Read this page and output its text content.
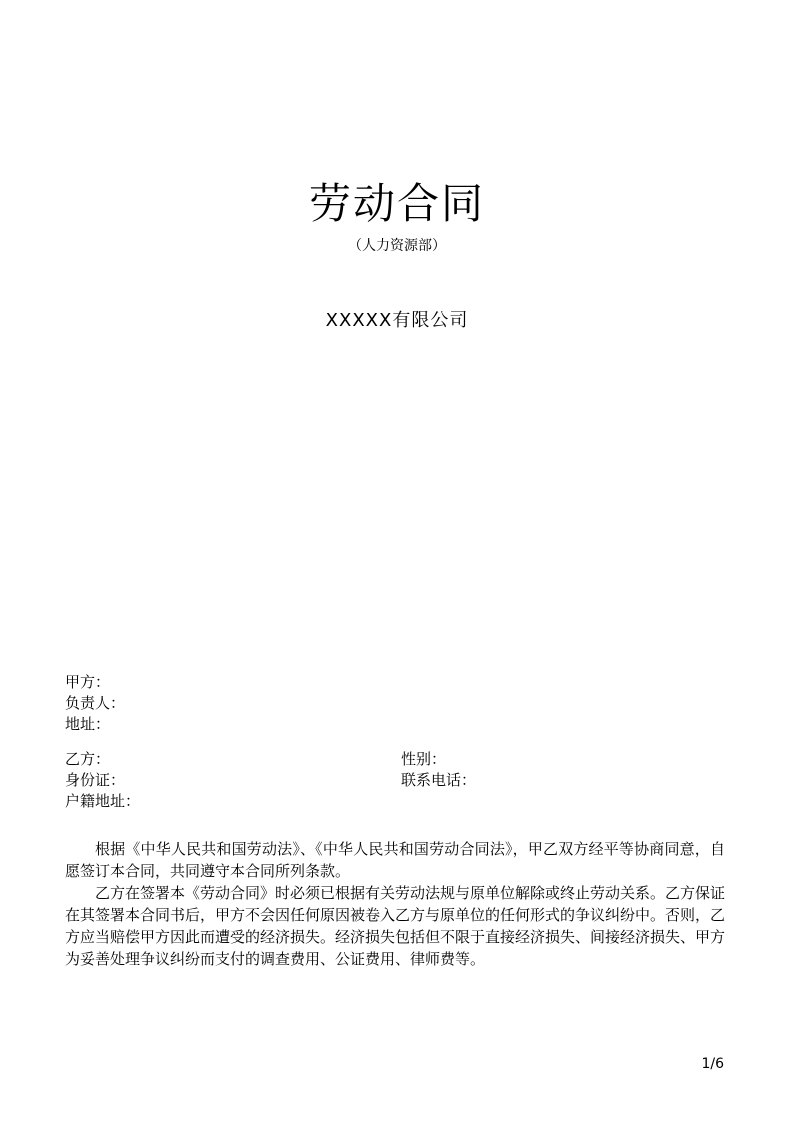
劳动合同
（人力资源部）
XXXXX有限公司
甲方：
负责人：
地址：
乙方：	性别：
身份证：	联系电话：
户籍地址：

根据《中华人民共和国劳动法》、《中华人民共和国劳动合同法》，甲乙双方经平等协商同意，自愿签订本合同，共同遵守本合同所列条款。

乙方在签署本《劳动合同》时必须已根据有关劳动法规与原单位解除或终止劳动关系。乙方保证在其签署本合同书后，甲方不会因任何原因被卷入乙方与原单位的任何形式的争议纠纷中。否则，乙方应当赔偿甲方因此而遭受的经济损失。经济损失包括但不限于直接经济损失、间接经济损失、甲方为妥善处理争议纠纷而支付的调查费用、公证费用、律师费等。

1/6
